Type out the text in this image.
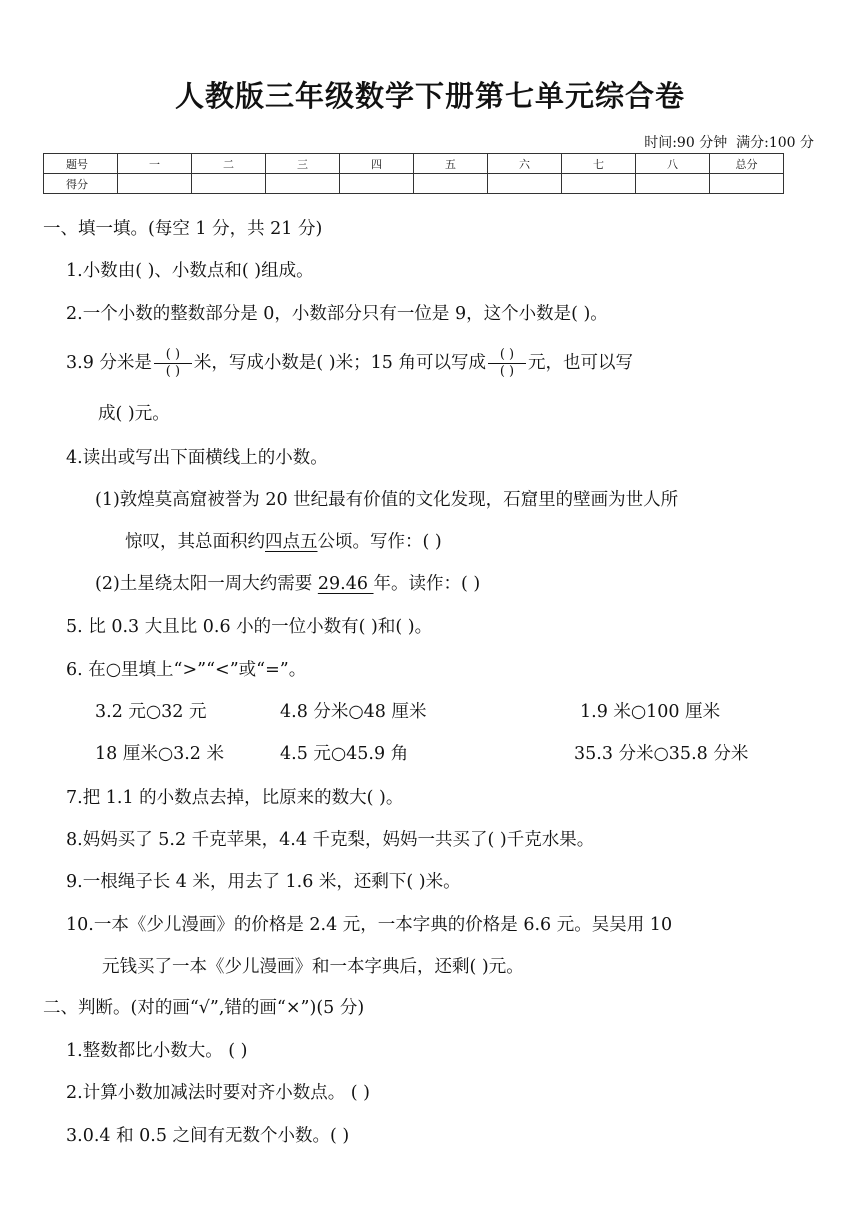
人教版三年级数学下册第七单元综合卷
时间:90 分钟  满分:100 分
题号	一	二	三	四	五	六	七	八	总分
得分									
一、填一填。(每空 1 分，共 21 分)
1.小数由( )、小数点和( )组成。
2.一个小数的整数部分是 0，小数部分只有一位是 9，这个小数是( )。
3.9 分米是 $\frac{( )}{( )}$ 米，写成小数是( )米；15 角可以写成 $\frac{( )}{( )}$ 元，也可以写
成( )元。
4.读出或写出下面横线上的小数。
(1)敦煌莫高窟被誉为 20 世纪最有价值的文化发现，石窟里的壁画为世人所
惊叹，其总面积约四点五公顷。写作：( )
(2)土星绕太阳一周大约需要 29.46 年。读作：( )
5. 比 0.3 大且比 0.6 小的一位小数有( )和( )。
6. 在○里填上“>”“<”或“=”。
3.2 元○32 元	4.8 分米○48 厘米	1.9 米○100 厘米
18 厘米○3.2 米	4.5 元○45.9 角	35.3 分米○35.8 分米
7.把 1.1 的小数点去掉，比原来的数大( )。
8.妈妈买了 5.2 千克苹果，4.4 千克梨，妈妈一共买了( )千克水果。
9.一根绳子长 4 米，用去了 1.6 米，还剩下( )米。
10.一本《少儿漫画》的价格是 2.4 元，一本字典的价格是 6.6 元。吴吴用 10
元钱买了一本《少儿漫画》和一本字典后，还剩( )元。
二、判断。(对的画“√”,错的画“×”)(5 分)
1.整数都比小数大。 ( )
2.计算小数加减法时要对齐小数点。 ( )
3.0.4 和 0.5 之间有无数个小数。( )
